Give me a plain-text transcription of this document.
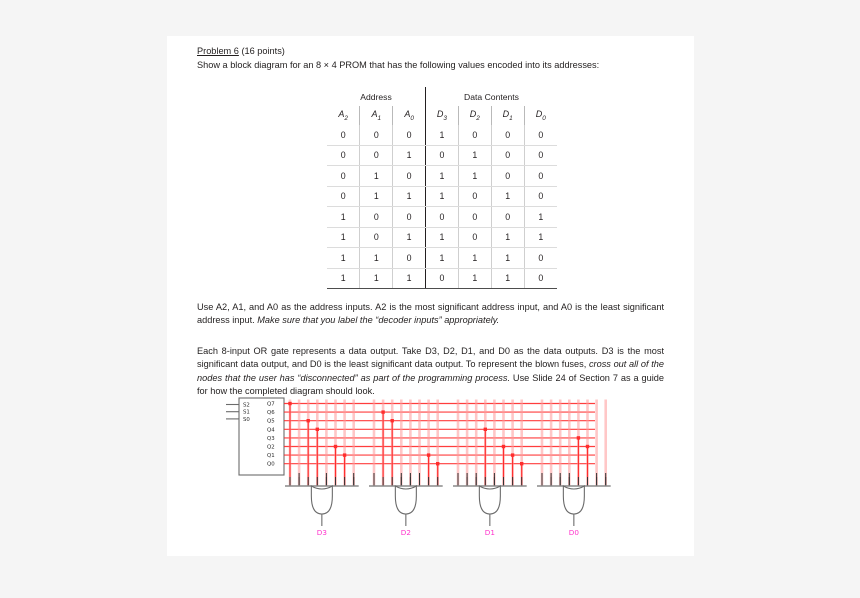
Problem 6 (16 points)

Show a block diagram for an 8 × 4 PROM that has the following values encoded into its addresses:

Address			Data Contents			
$A_2$	$A_1$	$A_0$	$D_3$	$D_2$	$D_1$	$D_0$
0	0	0	1	0	0	0
0	0	1	0	1	0	0
0	1	0	1	1	0	0
0	1	1	1	0	1	0
1	0	0	0	0	0	1
1	0	1	1	0	1	1
1	1	0	1	1	1	0
1	1	1	0	1	1	0

Use A2, A1, and A0 as the address inputs. A2 is the most significant address input, and A0 is the least significant address input. Make sure that you label the “decoder inputs” appropriately.

Each 8-input OR gate represents a data output. Take D3, D2, D1, and D0 as the data outputs. D3 is the most significant data output, and D0 is the least significant data output. To represent the blown fuses, cross out all of the nodes that the user has “disconnected” as part of the programming process. Use Slide 24 of Section 7 as a guide for how the completed diagram should look.

S2
S1
S0
Q7
Q6
Q5
Q4
Q3
Q2
Q1
Q0
D3	D2	D1	D0
